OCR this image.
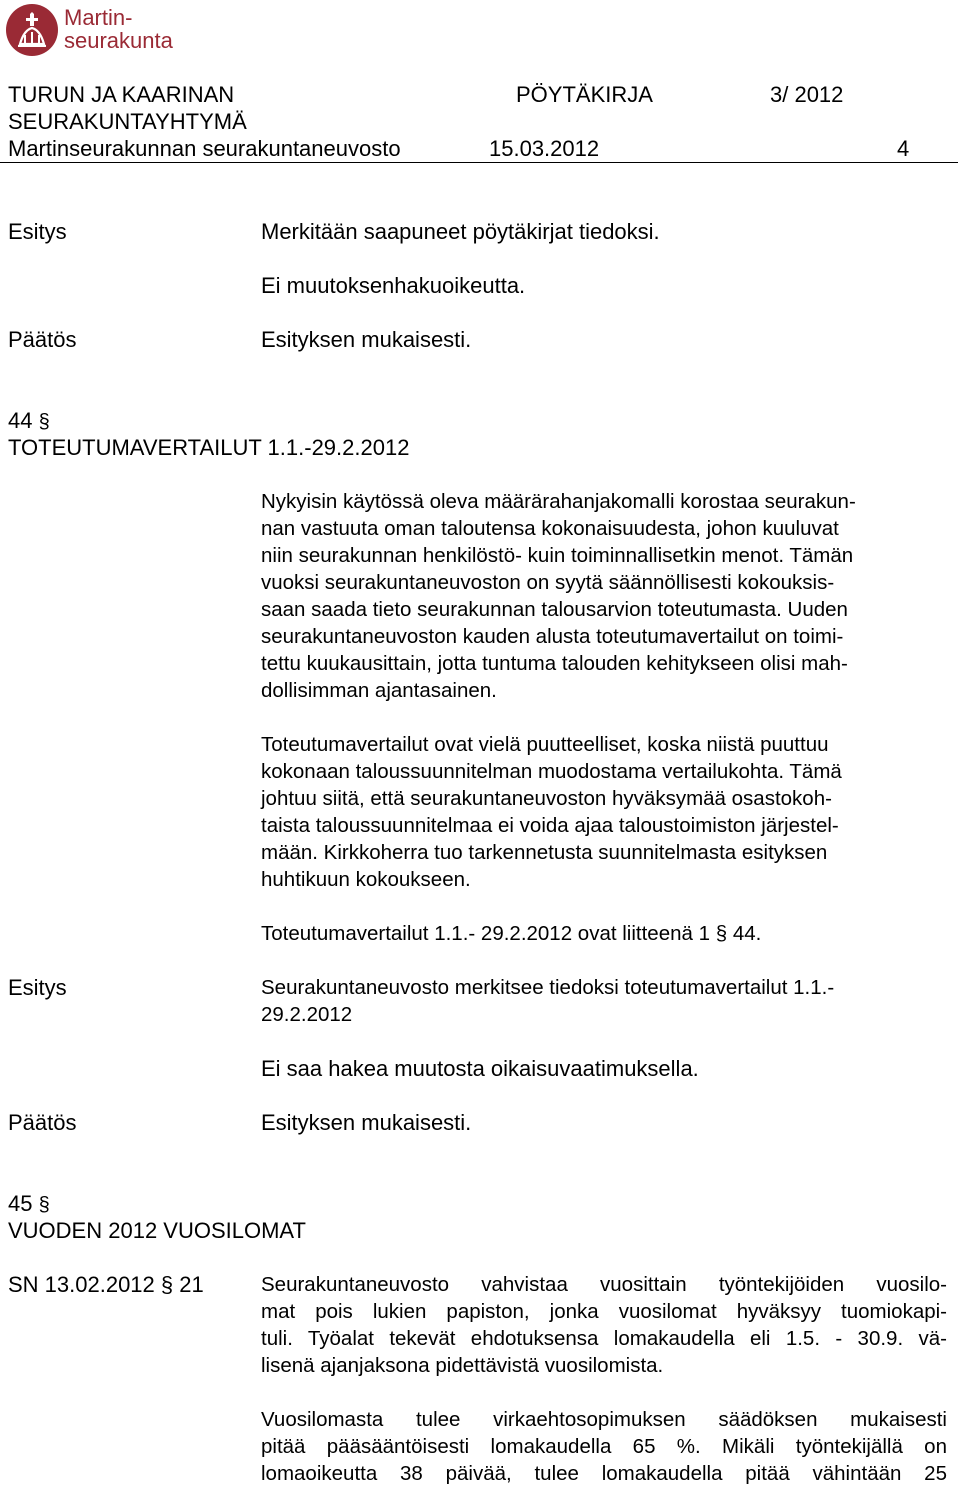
Martin-
seurakunta
TURUN JA KAARINAN	PÖYTÄKIRJA	3/ 2012
SEURAKUNTAYHTYMÄ
Martinseurakunnan seurakuntaneuvosto	15.03.2012	4
Esitys	Merkitään saapuneet pöytäkirjat tiedoksi.
Ei muutoksenhakuoikeutta.
Päätös	Esityksen mukaisesti.
44 §
TOTEUTUMAVERTAILUT 1.1.-29.2.2012
Nykyisin käytössä oleva määrärahanjakomalli korostaa seurakun-
nan vastuuta oman taloutensa kokonaisuudesta, johon kuuluvat
niin seurakunnan henkilöstö- kuin toiminnallisetkin menot. Tämän
vuoksi seurakuntaneuvoston on syytä säännöllisesti kokouksis-
saan saada tieto seurakunnan talousarvion toteutumasta. Uuden
seurakuntaneuvoston kauden alusta toteutumavertailut on toimi-
tettu kuukausittain, jotta tuntuma talouden kehitykseen olisi mah-
dollisimman ajantasainen.
Toteutumavertailut ovat vielä puutteelliset, koska niistä puuttuu
kokonaan taloussuunnitelman muodostama vertailukohta. Tämä
johtuu siitä, että seurakuntaneuvoston hyväksymää osastokoh-
taista taloussuunnitelmaa ei voida ajaa taloustoimiston järjestel-
mään. Kirkkoherra tuo tarkennetusta suunnitelmasta esityksen
huhtikuun kokoukseen.
Toteutumavertailut 1.1.- 29.2.2012 ovat liitteenä 1 § 44.
Esitys	Seurakuntaneuvosto merkitsee tiedoksi toteutumavertailut 1.1.-
29.2.2012
Ei saa hakea muutosta oikaisuvaatimuksella.
Päätös	Esityksen mukaisesti.
45 §
VUODEN 2012 VUOSILOMAT
SN 13.02.2012 § 21	Seurakuntaneuvosto vahvistaa vuosittain työntekijöiden vuosilo-
mat pois lukien papiston, jonka vuosilomat hyväksyy tuomiokapi-
tuli. Työalat tekevät ehdotuksensa lomakaudella eli 1.5. - 30.9. vä-
lisenä ajanjaksona pidettävistä vuosilomista.
Vuosilomasta tulee virkaehtosopimuksen säädöksen mukaisesti
pitää pääsääntöisesti lomakaudella 65 %. Mikäli työntekijällä on
lomaoikeutta 38 päivää, tulee lomakaudella pitää vähintään 25
